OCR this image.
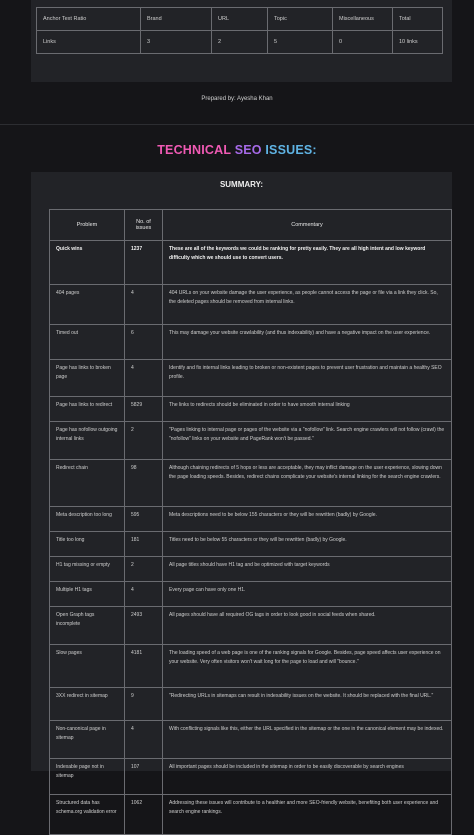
Anchor Text Ratio	Brand	URL	Topic	Miscellaneous	Total
Links	3	2	5	0	10 links
Prepared by: Ayesha Khan
TECHNICAL SEO ISSUES:
SUMMARY:
Problem	No. of issues	Commentary
Quick wins	1237	These are all of the keywords we could be ranking for pretty easily. They are all high intent and low keyword difficulty which we should use to convert users.
404 pages	4	404 URLs on your website damage the user experience, as people cannot access the page or file via a link they click. So, the deleted pages should be removed from internal links.
Timed out	6	This may damage your website crawlability (and thus indexability) and have a negative impact on the user experience.
Page has links to broken page	4	Identify and fix internal links leading to broken or non-existent pages to prevent user frustration and maintain a healthy SEO profile.
Page has links to redirect	5829	The links to redirects should be eliminated in order to have smooth internal linking
Page has nofollow outgoing internal links	2	"Pages linking to internal page or pages of the website via a "nofollow" link. Search engine crawlers will not follow (crawl) the "nofollow" links on your website and PageRank won't be passed."
Redirect chain	98	Although chaining redirects of 5 hops or less are acceptable, they may inflict damage on the user experience, slowing down the page loading speeds. Besides, redirect chains complicate your website's internal linking for the search engine crawlers.
Meta description too long	595	Meta descriptions need to be below 155 characters or they will be rewritten (badly) by Google.
Title too long	181	Titles need to be below 55 characters or they will be rewritten (badly) by Google.
H1 tag missing or empty	2	All page titles should have H1 tag and be optimized with target keywords
Multiple H1 tags	4	Every page can have only one H1.
Open Graph tags incomplete	2493	All pages should have all required OG tags in order to look good in social feeds when shared.
Slow pages	4181	The loading speed of a web page is one of the ranking signals for Google. Besides, page speed affects user experience on your website. Very often visitors won't wait long for the page to load and will "bounce."
3XX redirect in sitemap	9	"Redirecting URLs in sitemaps can result in indexability issues on the website. It should be replaced with the final URL."
Non-canonical page in sitemap	4	With conflicting signals like this, either the URL specified in the sitemap or the one in the canonical element may be indexed.
Indexable page not in sitemap	107	All important pages should be included in the sitemap in order to be easily discoverable by search engines
Structured data has schema.org validation error	1062	Addressing these issues will contribute to a healthier and more SEO-friendly website, benefiting both user experience and search engine rankings.
